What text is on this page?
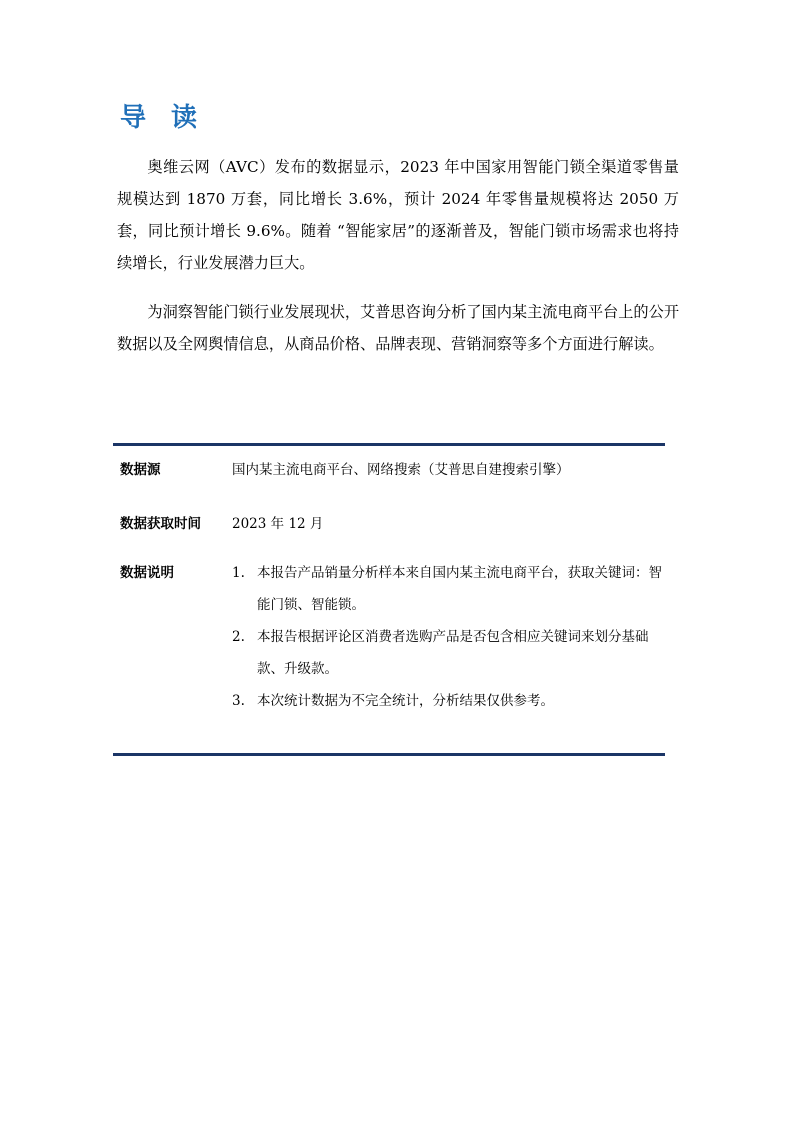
导 读

奥维云网（AVC）发布的数据显示，2023 年中国家用智能门锁全渠道零售量规模达到 1870 万套，同比增长 3.6%，预计 2024 年零售量规模将达 2050 万套，同比预计增长 9.6%。随着 “智能家居”的逐渐普及，智能门锁市场需求也将持续增长，行业发展潜力巨大。

为洞察智能门锁行业发展现状，艾普思咨询分析了国内某主流电商平台上的公开数据以及全网舆情信息，从商品价格、品牌表现、营销洞察等多个方面进行解读。

数据源	国内某主流电商平台、网络搜索（艾普思自建搜索引擎）
数据获取时间 2023 年 12 月
数据说明	1. 本报告产品销量分析样本来自国内某主流电商平台，获取关键词：智能门锁、智能锁。
2. 本报告根据评论区消费者选购产品是否包含相应关键词来划分基础款、升级款。
3. 本次统计数据为不完全统计，分析结果仅供参考。
